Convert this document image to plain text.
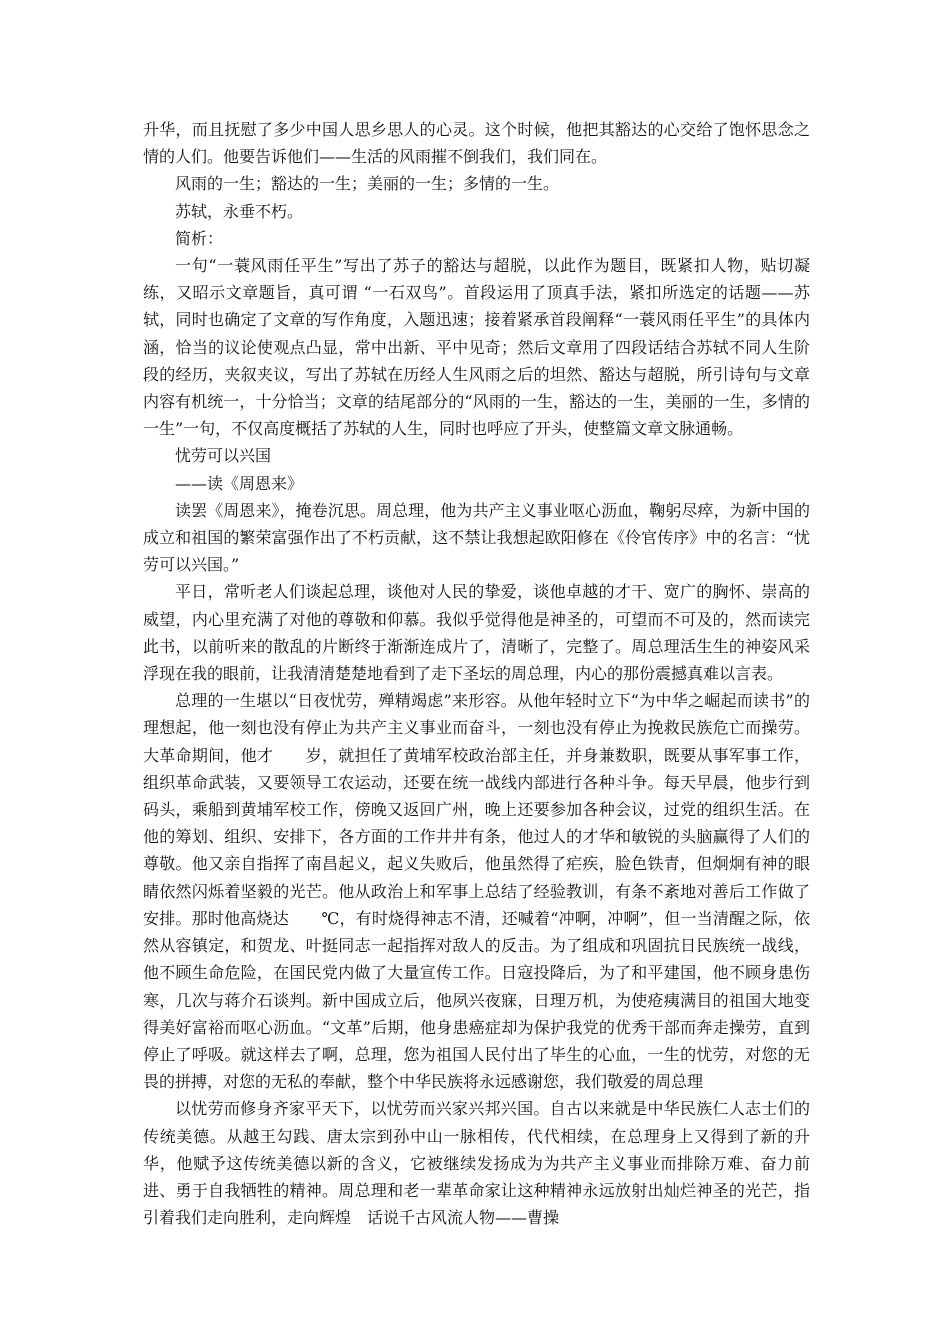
升华，而且抚慰了多少中国人思乡思人的心灵。这个时候，他把其豁达的心交给了饱怀思念之情的人们。他要告诉他们——生活的风雨摧不倒我们，我们同在。

风雨的一生；豁达的一生；美丽的一生；多情的一生。

苏轼，永垂不朽。

简析：

一句“一蓑风雨任平生”写出了苏子的豁达与超脱，以此作为题目，既紧扣人物，贴切凝练，又昭示文章题旨，真可谓 “一石双鸟”。首段运用了顶真手法，紧扣所选定的话题——苏轼，同时也确定了文章的写作角度，入题迅速；接着紧承首段阐释“一蓑风雨任平生”的具体内涵，恰当的议论使观点凸显，常中出新、平中见奇；然后文章用了四段话结合苏轼不同人生阶段的经历，夹叙夹议，写出了苏轼在历经人生风雨之后的坦然、豁达与超脱，所引诗句与文章内容有机统一，十分恰当；文章的结尾部分的“风雨的一生，豁达的一生，美丽的一生，多情的一生”一句，不仅高度概括了苏轼的人生，同时也呼应了开头，使整篇文章文脉通畅。

忧劳可以兴国

——读《周恩来》

读罢《周恩来》，掩卷沉思。周总理，他为共产主义事业呕心沥血，鞠躬尽瘁，为新中国的成立和祖国的繁荣富强作出了不朽贡献，这不禁让我想起欧阳修在《伶官传序》中的名言：“忧劳可以兴国。”

平日，常听老人们谈起总理，谈他对人民的挚爱，谈他卓越的才干、宽广的胸怀、崇高的威望，内心里充满了对他的尊敬和仰慕。我似乎觉得他是神圣的，可望而不可及的，然而读完此书，以前听来的散乱的片断终于渐渐连成片了，清晰了，完整了。周总理活生生的神姿风采浮现在我的眼前，让我清清楚楚地看到了走下圣坛的周总理，内心的那份震撼真难以言表。

总理的一生堪以“日夜忧劳，殚精竭虑”来形容。从他年轻时立下“为中华之崛起而读书”的理想起，他一刻也没有停止为共产主义事业而奋斗，一刻也没有停止为挽救民族危亡而操劳。大革命期间，他才　　岁，就担任了黄埔军校政治部主任，并身兼数职，既要从事军事工作，组织革命武装，又要领导工农运动，还要在统一战线内部进行各种斗争。每天早晨，他步行到码头，乘船到黄埔军校工作，傍晚又返回广州，晚上还要参加各种会议，过党的组织生活。在他的筹划、组织、安排下，各方面的工作井井有条，他过人的才华和敏锐的头脑赢得了人们的尊敬。他又亲自指挥了南昌起义，起义失败后，他虽然得了疟疾，脸色铁青，但炯炯有神的眼睛依然闪烁着坚毅的光芒。他从政治上和军事上总结了经验教训，有条不紊地对善后工作做了安排。那时他高烧达　　℃，有时烧得神志不清，还喊着“冲啊，冲啊”，但一当清醒之际，依然从容镇定，和贺龙、叶挺同志一起指挥对敌人的反击。为了组成和巩固抗日民族统一战线，他不顾生命危险，在国民党内做了大量宣传工作。日寇投降后，为了和平建国，他不顾身患伤寒，几次与蒋介石谈判。新中国成立后，他夙兴夜寐，日理万机，为使疮痍满目的祖国大地变得美好富裕而呕心沥血。“文革”后期，他身患癌症却为保护我党的优秀干部而奔走操劳，直到停止了呼吸。就这样去了啊，总理，您为祖国人民付出了毕生的心血，一生的忧劳，对您的无畏的拼搏，对您的无私的奉献，整个中华民族将永远感谢您，我们敬爱的周总理

以忧劳而修身齐家平天下，以忧劳而兴家兴邦兴国。自古以来就是中华民族仁人志士们的传统美德。从越王勾践、唐太宗到孙中山一脉相传，代代相续，在总理身上又得到了新的升华，他赋予这传统美德以新的含义，它被继续发扬成为为共产主义事业而排除万难、奋力前进、勇于自我牺牲的精神。周总理和老一辈革命家让这种精神永远放射出灿烂神圣的光芒，指引着我们走向胜利，走向辉煌　话说千古风流人物——曹操
